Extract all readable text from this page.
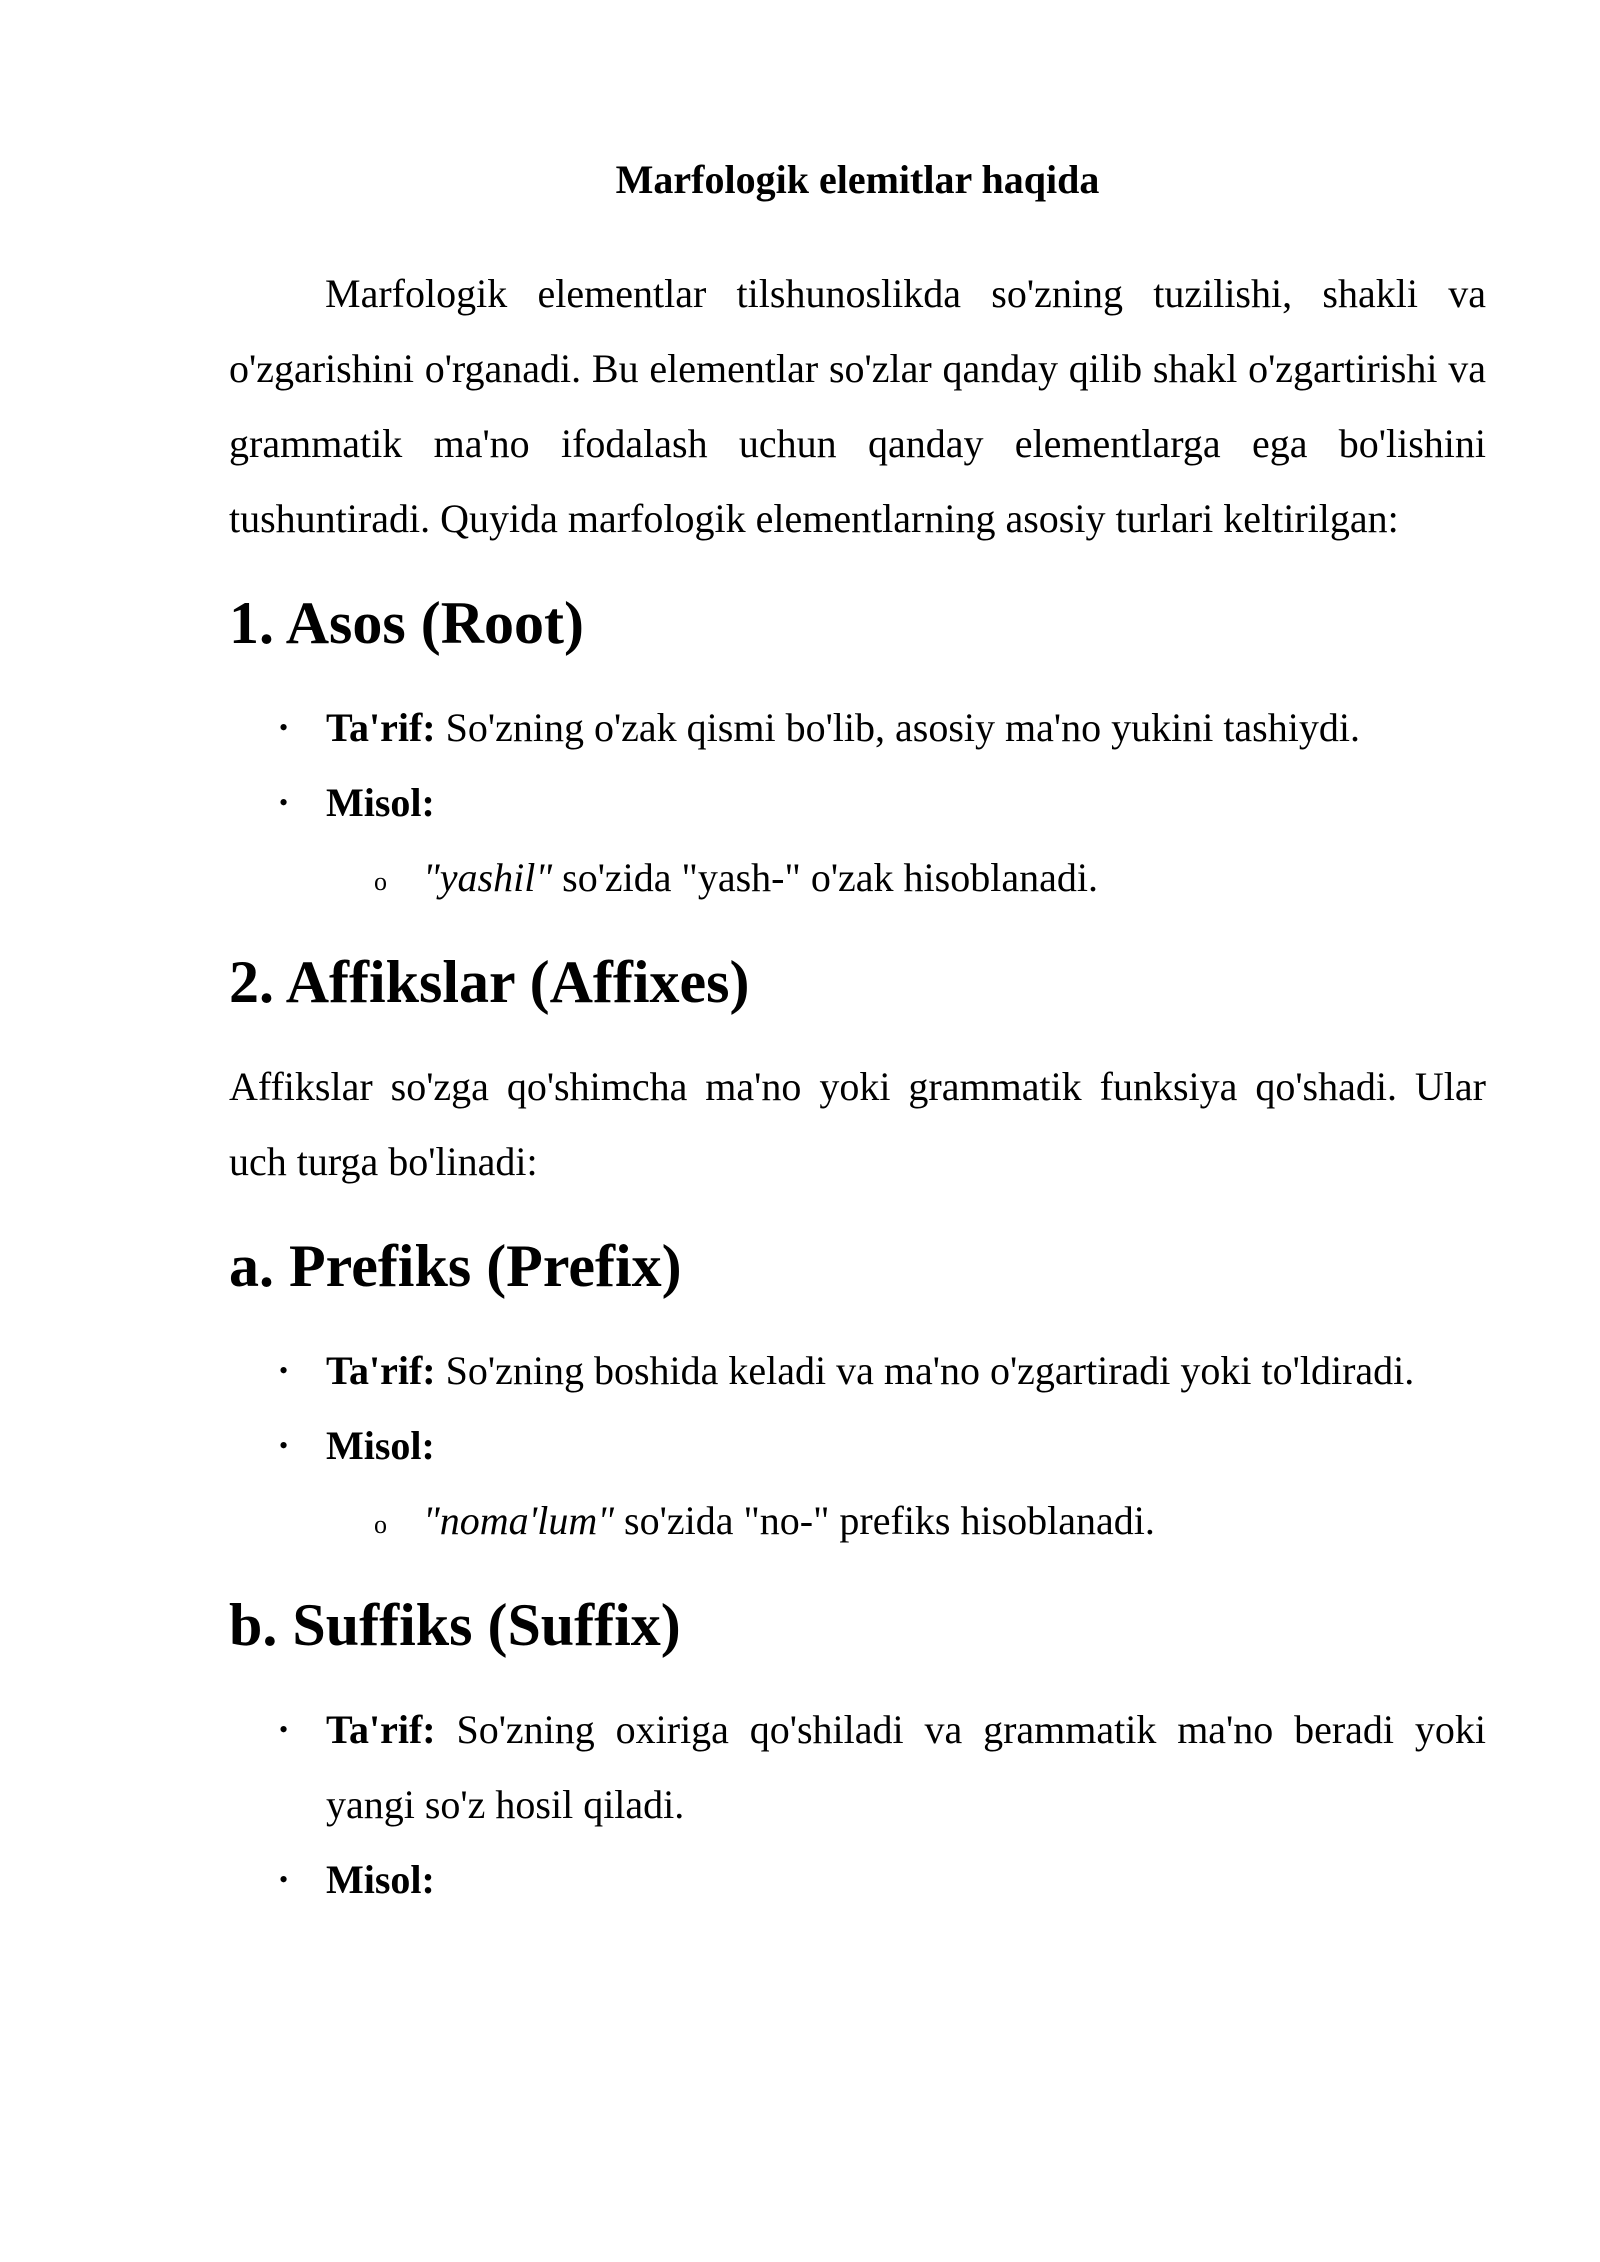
Marfologik elemitlar haqida

Marfologik elementlar tilshunoslikda so'zning tuzilishi, shakli va o'zgarishini o'rganadi. Bu elementlar so'zlar qanday qilib shakl o'zgartirishi va grammatik ma'no ifodalash uchun qanday elementlarga ega bo'lishini tushuntiradi. Quyida marfologik elementlarning asosiy turlari keltirilgan:

1. Asos (Root)
• Ta'rif: So'zning o'zak qismi bo'lib, asosiy ma'no yukini tashiydi.
• Misol:
o "yashil" so'zida "yash-" o'zak hisoblanadi.
2. Affikslar (Affixes)

Affikslar so'zga qo'shimcha ma'no yoki grammatik funksiya qo'shadi. Ular uch turga bo'linadi:

a. Prefiks (Prefix)
• Ta'rif: So'zning boshida keladi va ma'no o'zgartiradi yoki to'ldiradi.
• Misol:
o "noma'lum" so'zida "no-" prefiks hisoblanadi.
b. Suffiks (Suffix)
• Ta'rif: So'zning oxiriga qo'shiladi va grammatik ma'no beradi yoki yangi so'z hosil qiladi.
• Misol:
